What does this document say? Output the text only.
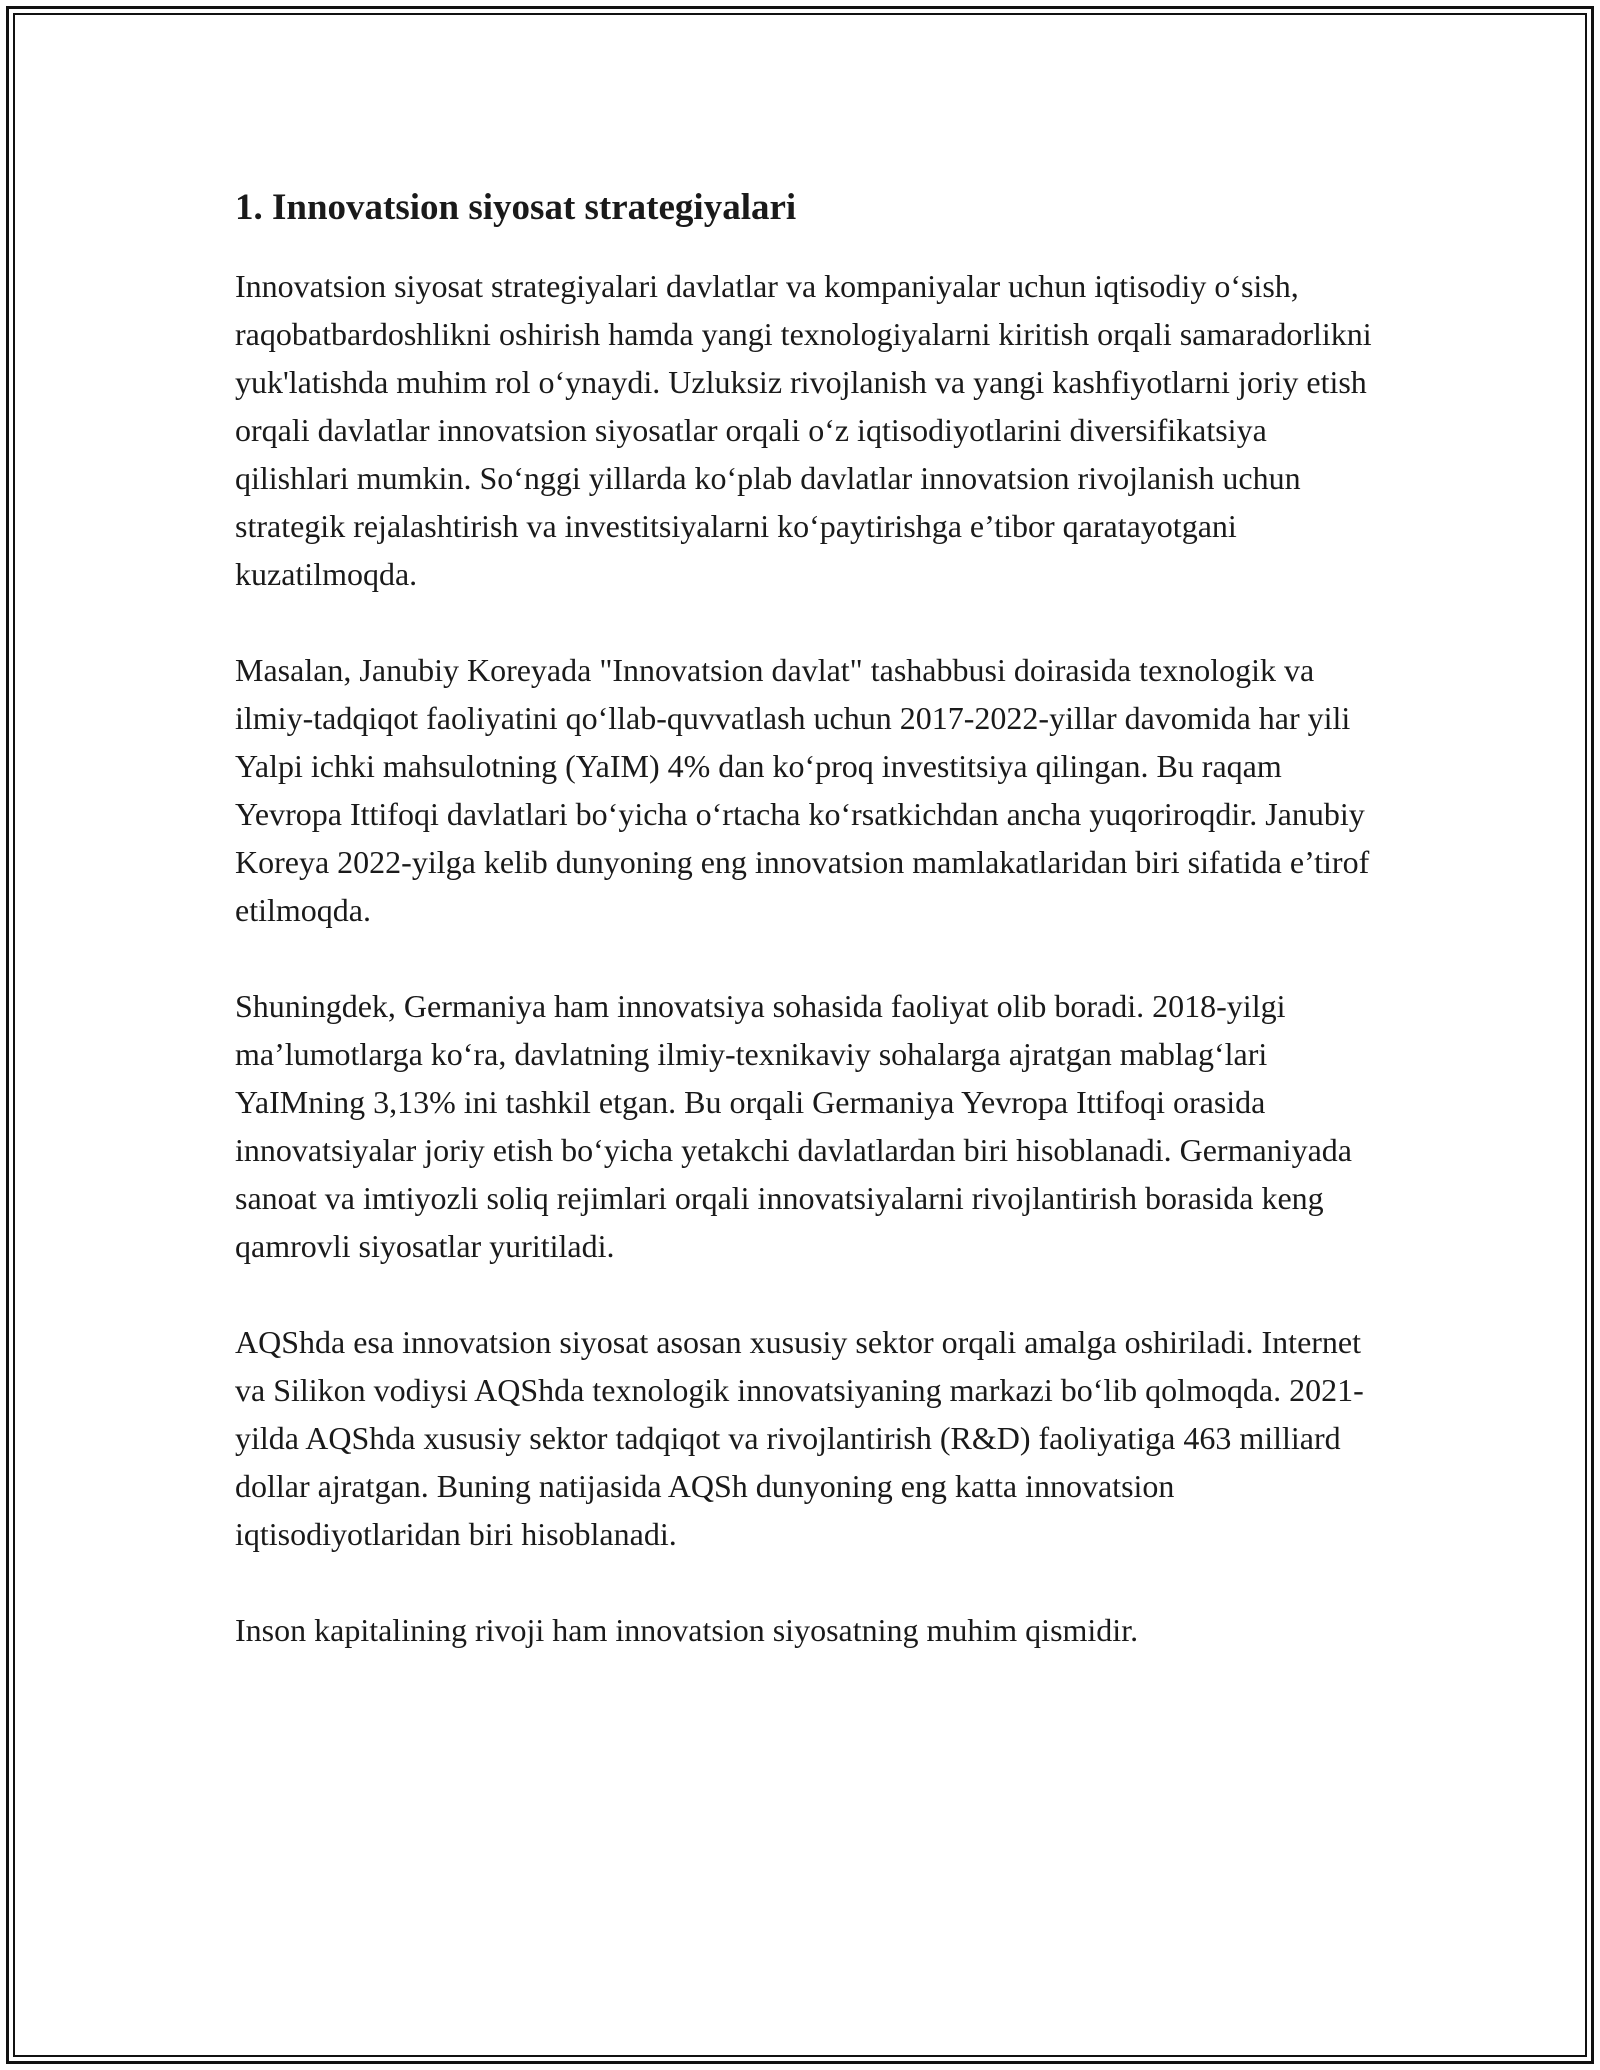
1. Innovatsion siyosat strategiyalari

Innovatsion siyosat strategiyalari davlatlar va kompaniyalar uchun iqtisodiy o‘sish, raqobatbardoshlikni oshirish hamda yangi texnologiyalarni kiritish orqali samaradorlikni yuk'latishda muhim rol o‘ynaydi. Uzluksiz rivojlanish va yangi kashfiyotlarni joriy etish orqali davlatlar innovatsion siyosatlar orqali o‘z iqtisodiyotlarini diversifikatsiya qilishlari mumkin. So‘nggi yillarda ko‘plab davlatlar innovatsion rivojlanish uchun strategik rejalashtirish va investitsiyalarni ko‘paytirishga e’tibor qaratayotgani kuzatilmoqda.

Masalan, Janubiy Koreyada "Innovatsion davlat" tashabbusi doirasida texnologik va ilmiy-tadqiqot faoliyatini qo‘llab-quvvatlash uchun 2017-2022-yillar davomida har yili Yalpi ichki mahsulotning (YaIM) 4% dan ko‘proq investitsiya qilingan. Bu raqam Yevropa Ittifoqi davlatlari bo‘yicha o‘rtacha ko‘rsatkichdan ancha yuqoriroqdir. Janubiy Koreya 2022-yilga kelib dunyoning eng innovatsion mamlakatlaridan biri sifatida e’tirof etilmoqda.

Shuningdek, Germaniya ham innovatsiya sohasida faoliyat olib boradi. 2018-yilgi ma’lumotlarga ko‘ra, davlatning ilmiy-texnikaviy sohalarga ajratgan mablag‘lari YaIMning 3,13% ini tashkil etgan. Bu orqali Germaniya Yevropa Ittifoqi orasida innovatsiyalar joriy etish bo‘yicha yetakchi davlatlardan biri hisoblanadi. Germaniyada sanoat va imtiyozli soliq rejimlari orqali innovatsiyalarni rivojlantirish borasida keng qamrovli siyosatlar yuritiladi.

AQShda esa innovatsion siyosat asosan xususiy sektor orqali amalga oshiriladi. Internet va Silikon vodiysi AQShda texnologik innovatsiyaning markazi bo‘lib qolmoqda. 2021-yilda AQShda xususiy sektor tadqiqot va rivojlantirish (R&D) faoliyatiga 463 milliard dollar ajratgan. Buning natijasida AQSh dunyoning eng katta innovatsion iqtisodiyotlaridan biri hisoblanadi.

Inson kapitalining rivoji ham innovatsion siyosatning muhim qismidir.
